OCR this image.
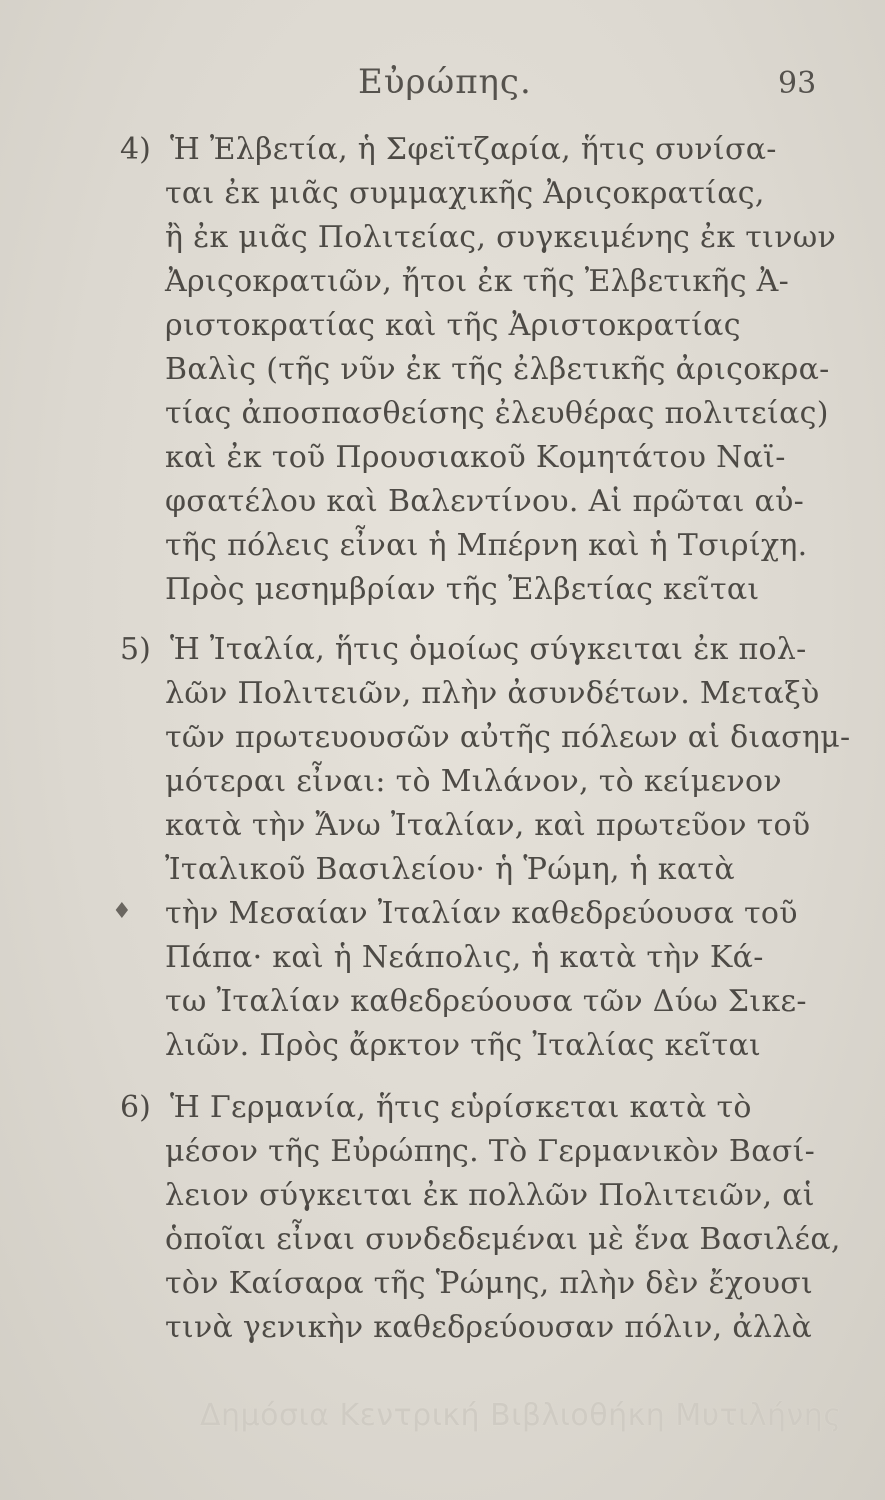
Εὐρώπης.	93
4) Ἡ Ἐλβετία, ἡ Σφεϊτζαρία, ἥτις συνίσα-
ται ἐκ μιᾶς συμμαχικῆς Ἀριςοκρατίας,
ἢ ἐκ μιᾶς Πολιτείας, συγκειμένης ἐκ τινων
Ἀριςοκρατιῶν, ἤτοι ἐκ τῆς Ἐλβετικῆς Ἀ-
ριστοκρατίας καὶ τῆς Ἀριστοκρατίας
Βαλὶς (τῆς νῦν ἐκ τῆς ἐλβετικῆς ἀριςοκρα-
τίας ἀποσπασθείσης ἐλευθέρας πολιτείας)
καὶ ἐκ τοῦ Προυσιακοῦ Κομητάτου Ναϊ-
φσατέλου καὶ Βαλεντίνου. Αἱ πρῶται αὐ-
τῆς πόλεις εἶναι ἡ Μπέρνη καὶ ἡ Τσιρίχη.
Πρὸς μεσημβρίαν τῆς Ἐλβετίας κεῖται
5) Ἡ Ἰταλία, ἥτις ὁμοίως σύγκειται ἐκ πολ-
λῶν Πολιτειῶν, πλὴν ἀσυνδέτων. Μεταξὺ
τῶν πρωτευουσῶν αὐτῆς πόλεων αἱ διασημ-
μότεραι εἶναι: τὸ Μιλάνον, τὸ κείμενον
κατὰ τὴν Ἄνω Ἰταλίαν, καὶ πρωτεῦον τοῦ
Ἰταλικοῦ Βασιλείου· ἡ Ῥώμη, ἡ κατὰ
τὴν Μεσαίαν Ἰταλίαν καθεδρεύουσα τοῦ
Πάπα· καὶ ἡ Νεάπολις, ἡ κατὰ τὴν Κά-
τω Ἰταλίαν καθεδρεύουσα τῶν Δύω Σικε-
λιῶν. Πρὸς ἄρκτον τῆς Ἰταλίας κεῖται
♦
6) Ἡ Γερμανία, ἥτις εὑρίσκεται κατὰ τὸ
μέσον τῆς Εὐρώπης. Τὸ Γερμανικὸν Βασί-
λειον σύγκειται ἐκ πολλῶν Πολιτειῶν, αἱ
ὁποῖαι εἶναι συνδεδεμέναι μὲ ἕνα Βασιλέα,
τὸν Καίσαρα τῆς Ῥώμης, πλὴν δὲν ἔχουσι
τινὰ γενικὴν καθεδρεύουσαν πόλιν, ἀλλὰ
Δημόσια Κεντρική Βιβλιοθήκη Μυτιλήνης
